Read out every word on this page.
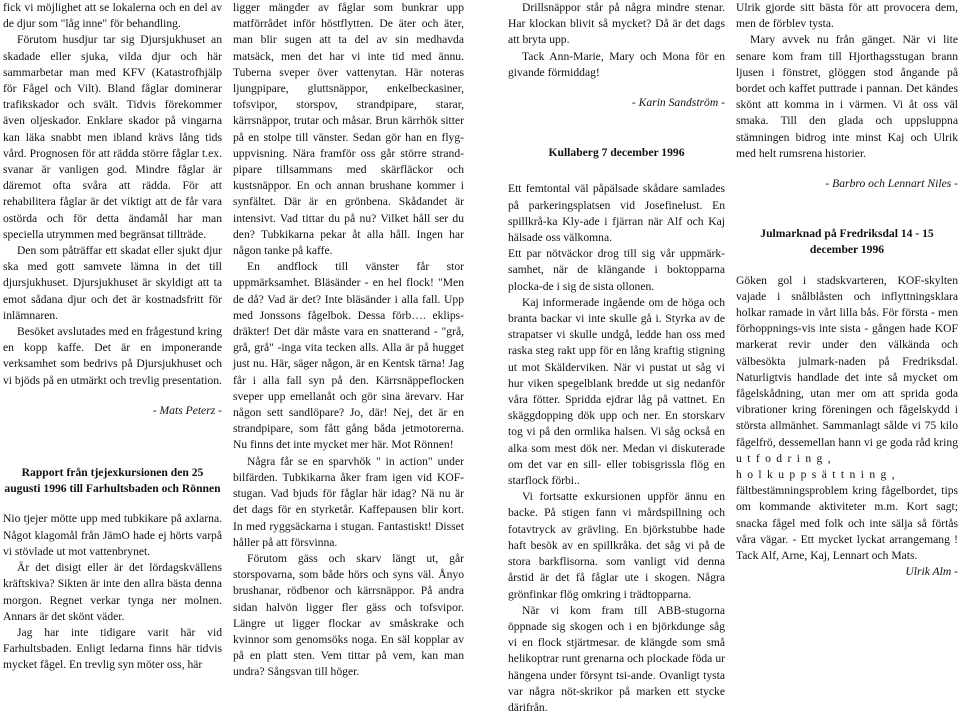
fick vi möjlighet att se lokalerna och en del av de djur som "låg inne" för behandling.

Förutom husdjur tar sig Djursjukhuset an skadade eller sjuka, vilda djur och här sammarbetar man med KFV (Katastrofhjälp för Fågel och Vilt). Bland fåglar dominerar trafikskador och svält. Tidvis förekommer även oljeskador. Enklare skador på vingarna kan läka snabbt men ibland krävs lång tids vård. Prognosen för att rädda större fåglar t.ex. svanar är vanligen god. Mindre fåglar är däremot ofta svåra att rädda. För att rehabilitera fåglar är det viktigt att de får vara ostörda och för detta ändamål har man speciella utrymmen med begränsat tillträde.

Den som påträffar ett skadat eller sjukt djur ska med gott samvete lämna in det till djursjukhuset. Djursjukhuset är skyldigt att ta emot sådana djur och det är kostnadsfritt för inlämnaren.

Besöket avslutades med en frågestund kring en kopp kaffe. Det är en imponerande verksamhet som bedrivs på Djursjukhuset och vi bjöds på en utmärkt och trevlig presentation.

- Mats Peterz -

Rapport från tjejexkursionen den 25 augusti 1996 till Farhultsbaden och Rönnen

Nio tjejer mötte upp med tubkikare på axlarna. Något klagomål från JämO hade ej hörts varpå vi stövlade ut mot vattenbrynet.

Är det disigt eller är det lördagskvällens kräftskiva? Sikten är inte den allra bästa denna morgon. Regnet verkar tynga ner molnen. Annars är det skönt väder.

Jag har inte tidigare varit här vid Farhultsbaden. Enligt ledarna finns här tidvis mycket fågel. En trevlig syn möter oss, här

ligger mängder av fåglar som bunkrar upp matförrådet inför höstflytten. De äter och äter, man blir sugen att ta del av sin medhavda matsäck, men det har vi inte tid med ännu. Tuberna sveper över vattenytan. Här noteras ljungpipare, gluttsnäppor, enkelbeckasiner, tofsvipor, storspov, strandpipare, starar, kärrsnäppor, trutar och måsar. Brun kärrhök sitter på en stolpe till vänster. Sedan gör han en flyg-uppvisning. Nära framför oss går större strand-pipare tillsammans med skärfläckor och kustsnäppor. En och annan brushane kommer i synfältet. Där är en grönbena. Skådandet är intensivt. Vad tittar du på nu? Vilket håll ser du den? Tubkikarna pekar åt alla håll. Ingen har någon tanke på kaffe.

En andflock till vänster får stor uppmärksamhet. Bläsänder - en hel flock! "Men de då? Vad är det? Inte bläsänder i alla fall. Upp med Jonssons fågelbok. Dessa förb…. eklips-dräkter! Det där måste vara en snatterand - "grå, grå, grå" -inga vita tecken alls. Alla är på hugget just nu. Här, säger någon, är en Kentsk tärna! Jag får i alla fall syn på den. Kärrsnäppeflocken sveper upp emellanåt och gör sina ärevarv. Har någon sett sandlöpare? Jo, där! Nej, det är en strandpipare, som fått gång båda jetmotorerna. Nu finns det inte mycket mer här. Mot Rönnen!

Några får se en sparvhök " in action" under bilfärden. Tubkikarna åker fram igen vid KOF-stugan. Vad bjuds för fåglar här idag? Nä nu är det dags för en styrketår. Kaffepausen blir kort. In med ryggsäckarna i stugan. Fantastiskt! Disset håller på att försvinna.

Förutom gäss och skarv längt ut, går storspovarna, som både hörs och syns väl. Ånyo brushanar, rödbenor och kärrsnäppor. På andra sidan halvön ligger fler gäss och tofsvipor. Längre ut ligger flockar av småskrake och kvinnor som genomsöks noga. En säl kopplar av på en platt sten. Vem tittar på vem, kan man undra? Sångsvan till höger.

Drillsnäppor står på några mindre stenar. Har klockan blivit så mycket? Då är det dags att bryta upp.

Tack Ann-Marie, Mary och Mona för en givande förmiddag!

- Karin Sandström -

Kullaberg 7 december 1996

Ett femtontal väl påpälsade skådare samlades på parkeringsplatsen vid Josefinelust. En spillkrå-ka Kly-ade i fjärran när Alf och Kaj hälsade oss välkomna.

Ett par nötväckor drog till sig vår uppmärk-samhet, när de klängande i boktopparna plocka-de i sig de sista ollonen.

Kaj informerade ingående om de höga och branta backar vi inte skulle gå i. Styrka av de strapatser vi skulle undgå, ledde han oss med raska steg rakt upp för en lång kraftig stigning ut mot Skälderviken. När vi pustat ut såg vi hur viken spegelblank bredde ut sig nedanför våra fötter. Spridda ejdrar låg på vattnet. En skäggdopping dök upp och ner. En storskarv tog vi på den ormlika halsen. Vi såg också en alka som mest dök ner. Medan vi diskuterade om det var en sill- eller tobisgrissla flög en starflock förbi..

Vi fortsatte exkursionen uppför ännu en backe. På stigen fann vi mårdspillning och fotavtryck av grävling. En björkstubbe hade haft besök av en spillkråka. det såg vi på de stora barkflisorna. som vanligt vid denna årstid är det få fåglar ute i skogen. Några grönfinkar flög omkring i trädtopparna.

När vi kom fram till ABB-stugorna öppnade sig skogen och i en björkdunge såg vi en flock stjärtmesar. de klängde som små helikoptrar runt grenarna och plockade föda ur hängena under försynt tsi-ande. Ovanligt tysta var några nöt-skrikor på marken ett stycke därifrån.

Ulrik gjorde sitt bästa för att provocera dem, men de förblev tysta.

Mary avvek nu från gänget. När vi lite senare kom fram till Hjorthagsstugan brann ljusen i fönstret, glöggen stod ångande på bordet och kaffet puttrade i pannan. Det kändes skönt att komma in i värmen. Vi åt oss väl smaka. Till den glada och uppsluppna stämningen bidrog inte minst Kaj och Ulrik med helt rumsrena historier.

- Barbro och Lennart Niles -

Julmarknad på Fredriksdal 14 - 15 december 1996

Göken gol i stadskvarteren, KOF-skylten vajade i snålblåsten och inflyttningsklara holkar ramade in vårt lilla bås. För första - men förhoppnings-vis inte sista - gången hade KOF markerat revir under den välkända och välbesökta julmark-naden på Fredriksdal. Naturligtvis handlade det inte så mycket om fågelskådning, utan mer om att sprida goda vibrationer kring föreningen och fågelskydd i största allmänhet. Sammanlagt sålde vi 75 kilo fågelfrö, dessemellan hann vi ge goda råd kring utfodring, holkuppsättning, fältbestämningsproblem kring fågelbordet, tips om kommande aktiviteter m.m. Kort sagt; snacka fågel med folk och inte sälja så förtås våra vägar. - Ett mycket lyckat arrangemang ! Tack Alf, Arne, Kaj, Lennart och Mats.

Ulrik Alm -
